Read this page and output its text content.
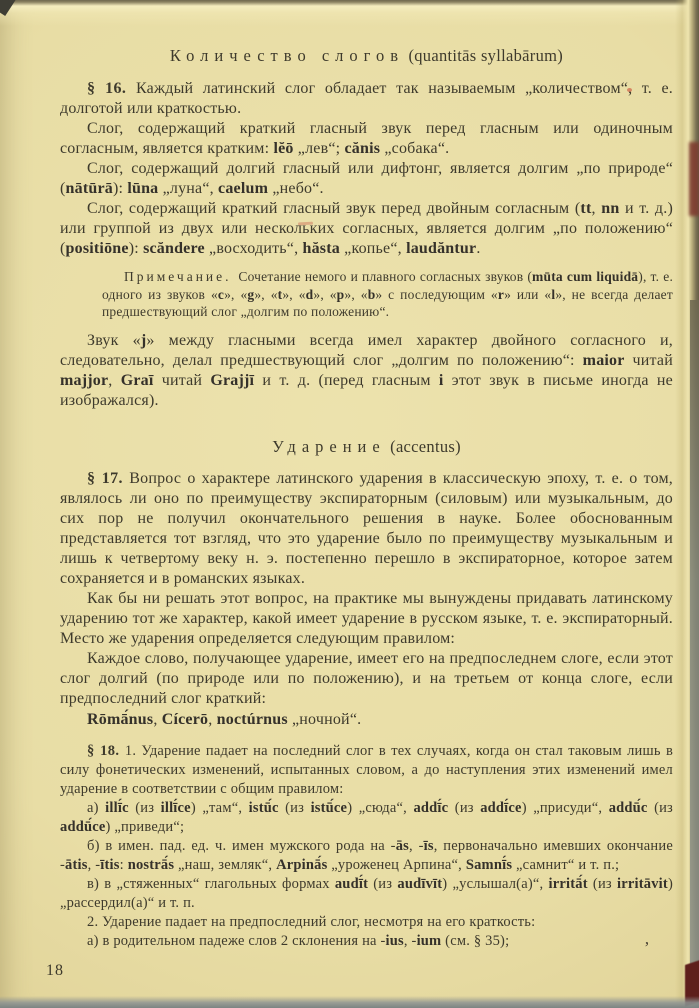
’
Количество слогов (quantitās syllabārum)

§ 16. Каждый латинский слог обладает так называемым „количеством“, т. е. долготой или краткостью.

Слог, содержащий краткий гласный звук перед гласным или одиночным согласным, является кратким: lĕō „лев“; cănis „собака“.

Слог, содержащий долгий гласный или дифтонг, является долгим „по природе“ (nātūrā): lūna „луна“, caelum „небо“.

Слог, содержащий краткий гласный звук перед двойным согласным (tt, nn и т. д.) или группой из двух или нескольких согласных, является долгим „по положению“ (positiōne): scăndere „восходить“, hăsta „копье“, laudăntur.

Примечание. Сочетание немого и плавного согласных звуков (mūta cum liquidā), т. е. одного из звуков «c», «g», «t», «d», «p», «b» с последующим «r» или «l», не всегда делает предшествующий слог „долгим по положению“.

Звук «j» между гласными всегда имел характер двойного согласного и, следовательно, делал предшествующий слог „долгим по положению“: maior читай majjor, Graī читай Grajjī и т. д. (перед гласным i этот звук в письме иногда не изображался).

Ударение (accentus)

§ 17. Вопрос о характере латинского ударения в классическую эпоху, т. е. о том, являлось ли оно по преимуществу экспираторным (силовым) или музыкальным, до сих пор не получил окончательного решения в науке. Более обоснованным представляется тот взгляд, что это ударение было по преимуществу музыкальным и лишь к четвертому веку н. э. постепенно перешло в экспираторное, которое затем сохраняется и в романских языках.

Как бы ни решать этот вопрос, на практике мы вынуждены придавать латинскому ударению тот же характер, какой имеет ударение в русском языке, т. е. экспираторный. Место же ударения определяется следующим правилом:

Каждое слово, получающее ударение, имеет его на предпоследнем слоге, если этот слог долгий (по природе или по положению), и на третьем от конца слоге, если предпоследний слог краткий:

Rōmā́nus, Cícerō, noctúrnus „ночной“.

§ 18. 1. Ударение падает на последний слог в тех случаях, когда он стал таковым лишь в силу фонетических изменений, испытанных словом, а до наступления этих изменений имел ударение в соответствии с общим правилом:

а) illī́c (из illī́ce) „там“, istū́c (из istū́ce) „сюда“, addī́c (из addī́ce) „присуди“, addū́c (из addū́ce) „приведи“;

б) в имен. пад. ед. ч. имен мужского рода на -ās, -īs, первоначально имевших окончание -ātis, -ītis: nostrā́s „наш, земляк“, Arpinā́s „уроженец Арпина“, Samnī́s „самнит“ и т. п.;

в) в „стяженных“ глагольных формах audī́t (из audīvīt) „услышал(а)“, irritā́t (из irritāvit) „рассердил(а)“ и т. п.

2. Ударение падает на предпоследний слог, несмотря на его краткость:

а) в родительном падеже слов 2 склонения на -ius, -ium (см. § 35);

18
